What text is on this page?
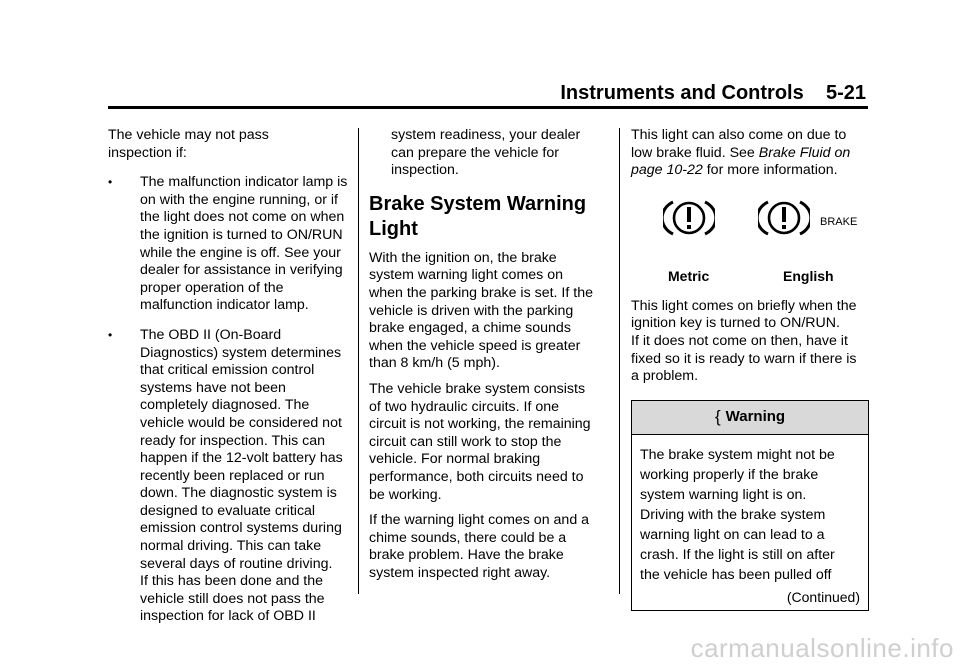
Instruments and Controls 5-21

The vehicle may not pass

inspection if:

• The malfunction indicator lamp is

on with the engine running, or if

the light does not come on when

the ignition is turned to ON/RUN

while the engine is off. See your

dealer for assistance in verifying

proper operation of the

malfunction indicator lamp.

• The OBD II (On-Board

Diagnostics) system determines

that critical emission control

systems have not been

completely diagnosed. The

vehicle would be considered not

ready for inspection. This can

happen if the 12-volt battery has

recently been replaced or run

down. The diagnostic system is

designed to evaluate critical

emission control systems during

normal driving. This can take

several days of routine driving.

If this has been done and the

vehicle still does not pass the

inspection for lack of OBD II

system readiness, your dealer

can prepare the vehicle for

inspection.

Brake System Warning

Light

With the ignition on, the brake

system warning light comes on

when the parking brake is set. If the

vehicle is driven with the parking

brake engaged, a chime sounds

when the vehicle speed is greater

than 8 km/h (5 mph).

The vehicle brake system consists

of two hydraulic circuits. If one

circuit is not working, the remaining

circuit can still work to stop the

vehicle. For normal braking

performance, both circuits need to

be working.

If the warning light comes on and a

chime sounds, there could be a

brake problem. Have the brake

system inspected right away.

This light can also come on due to

low brake fluid. See Brake Fluid on

page 10-22 for more information.

BRAKE
Metric	English

This light comes on briefly when the

ignition key is turned to ON/RUN.

If it does not come on then, have it

fixed so it is ready to warn if there is

a problem.

{ Warning

The brake system might not be

working properly if the brake

system warning light is on.

Driving with the brake system

warning light on can lead to a

crash. If the light is still on after

the vehicle has been pulled off

(Continued)
carmanualsonline.info
